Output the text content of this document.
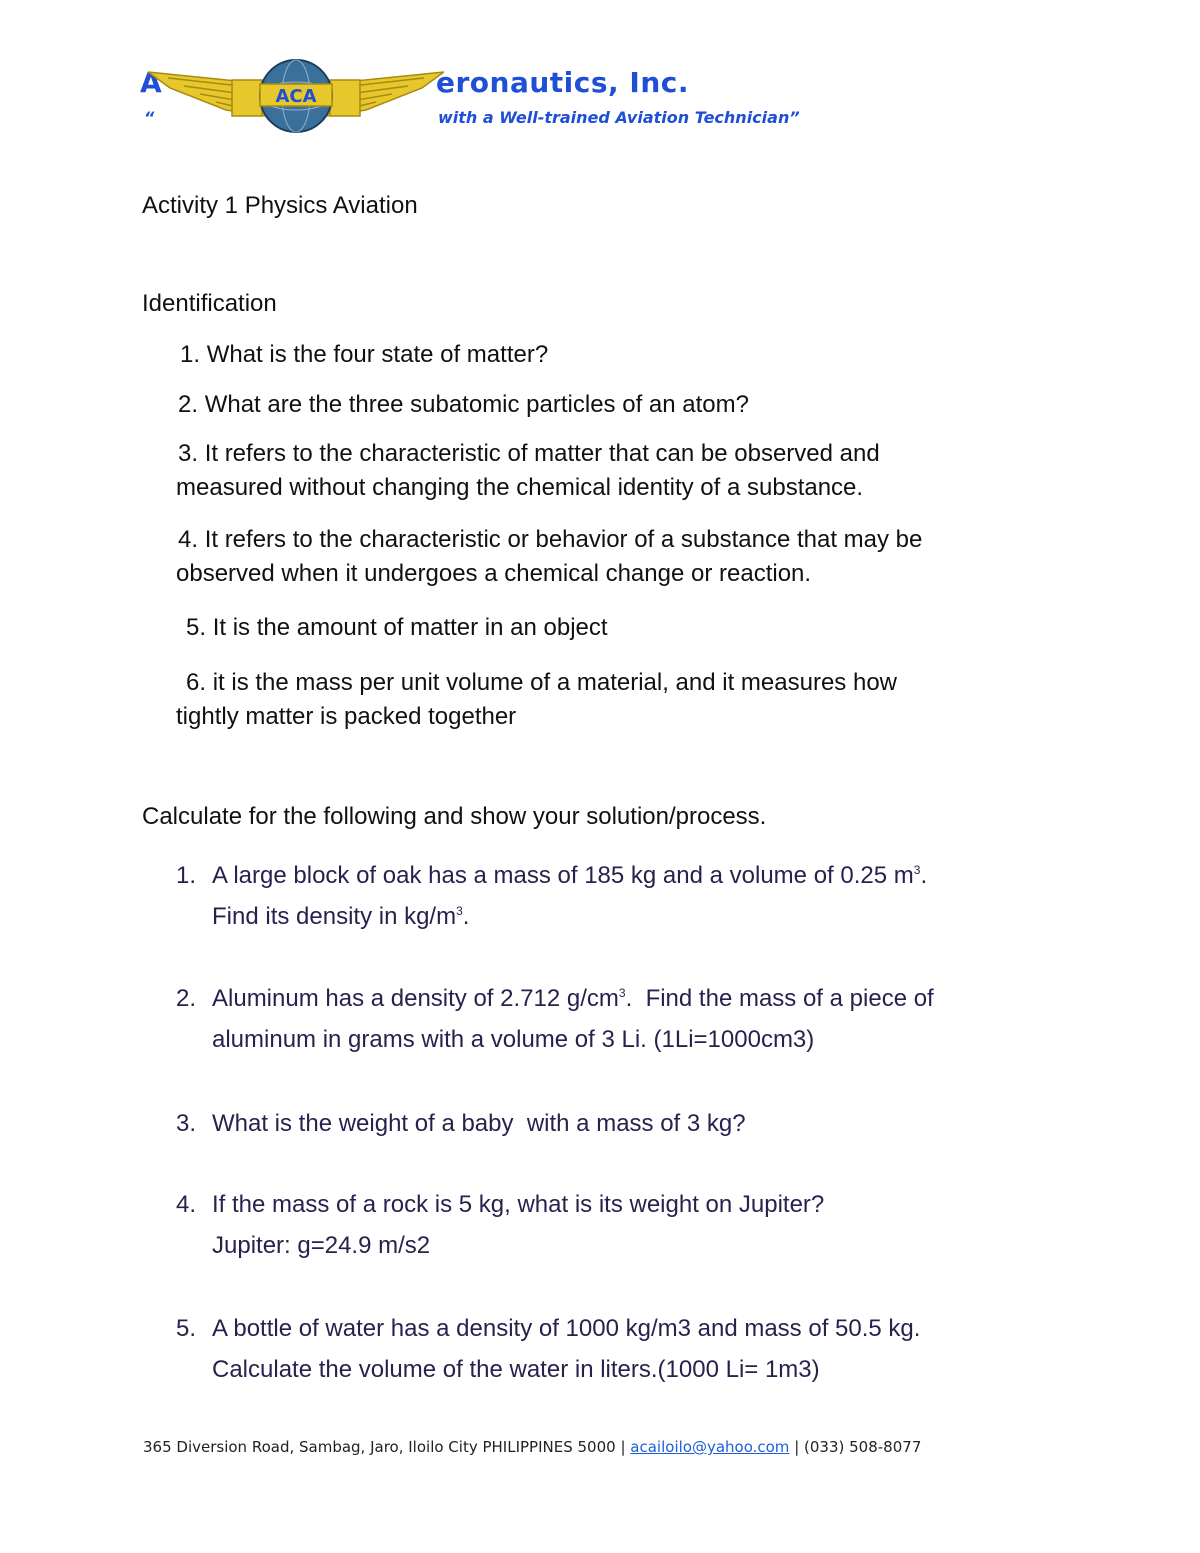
A	eronautics, Inc.
“	with a Well-trained Aviation Technician”
ACA
Activity 1 Physics Aviation
Identification
1. What is the four state of matter?
2. What are the three subatomic particles of an atom?
3. It refers to the characteristic of matter that can be observed and
measured without changing the chemical identity of a substance.
4. It refers to the characteristic or behavior of a substance that may be
observed when it undergoes a chemical change or reaction.
5. It is the amount of matter in an object
6. it is the mass per unit volume of a material, and it measures how
tightly matter is packed together
Calculate for the following and show your solution/process.
1. A large block of oak has a mass of 185 kg and a volume of 0.25 $m^3$.
Find its density in $kg/m^3$.
2. Aluminum has a density of 2.712 $g/cm^3$.  Find the mass of a piece of
aluminum in grams with a volume of 3 Li. (1Li=1000cm3)
3. What is the weight of a baby  with a mass of 3 kg?
4. If the mass of a rock is 5 kg, what is its weight on Jupiter?
Jupiter: g=24.9 m/s2
5. A bottle of water has a density of 1000 kg/m3 and mass of 50.5 kg.
Calculate the volume of the water in liters.(1000 Li= 1m3)
365 Diversion Road, Sambag, Jaro, Iloilo City PHILIPPINES 5000 | acailoilo@yahoo.com | (033) 508-8077
